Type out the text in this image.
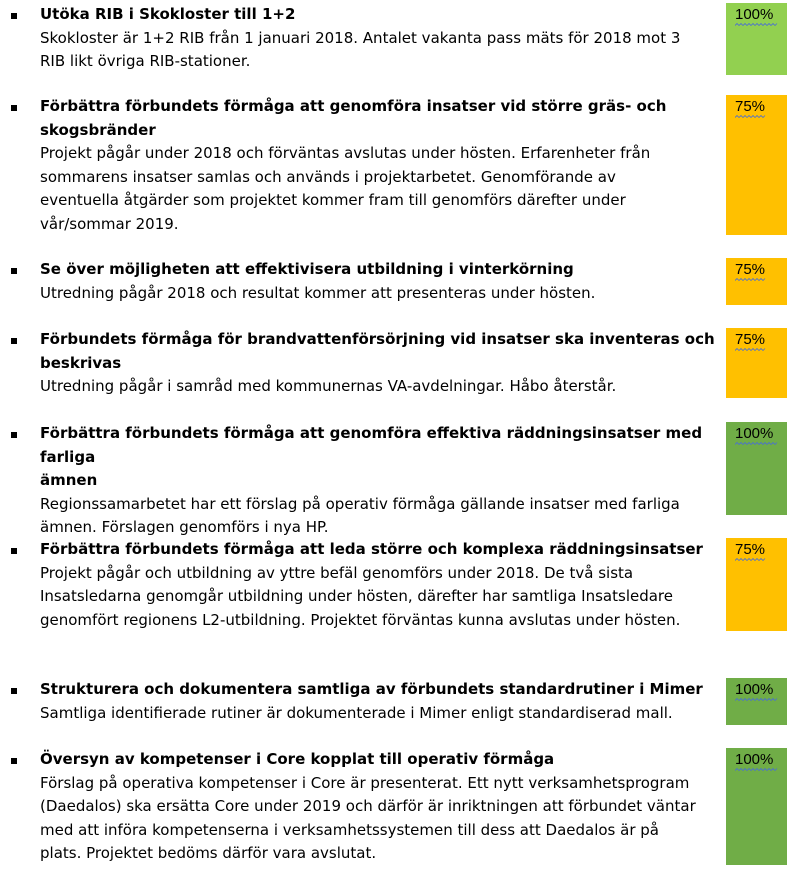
Utöka RIB i Skokloster till 1+2
Skokloster är 1+2 RIB från 1 januari 2018. Antalet vakanta pass mäts för 2018 mot 3
RIB likt övriga RIB-stationer.
100%
Förbättra förbundets förmåga att genomföra insatser vid större gräs- och
skogsbränder
Projekt pågår under 2018 och förväntas avslutas under hösten. Erfarenheter från
sommarens insatser samlas och används i projektarbetet. Genomförande av
eventuella åtgärder som projektet kommer fram till genomförs därefter under
vår/sommar 2019.
75%
Se över möjligheten att effektivisera utbildning i vinterkörning
Utredning pågår 2018 och resultat kommer att presenteras under hösten.
75%
Förbundets förmåga för brandvattenförsörjning vid insatser ska inventeras och
beskrivas
Utredning pågår i samråd med kommunernas VA-avdelningar. Håbo återstår.
75%
Förbättra förbundets förmåga att genomföra effektiva räddningsinsatser med farliga
ämnen
Regionssamarbetet har ett förslag på operativ förmåga gällande insatser med farliga
ämnen. Förslagen genomförs i nya HP.
100%
Förbättra förbundets förmåga att leda större och komplexa räddningsinsatser
Projekt pågår och utbildning av yttre befäl genomförs under 2018. De två sista
Insatsledarna genomgår utbildning under hösten, därefter har samtliga Insatsledare
genomfört regionens L2-utbildning. Projektet förväntas kunna avslutas under hösten.
75%
Strukturera och dokumentera samtliga av förbundets standardrutiner i Mimer
Samtliga identifierade rutiner är dokumenterade i Mimer enligt standardiserad mall.
100%
Översyn av kompetenser i Core kopplat till operativ förmåga
Förslag på operativa kompetenser i Core är presenterat. Ett nytt verksamhetsprogram
(Daedalos) ska ersätta Core under 2019 och därför är inriktningen att förbundet väntar
med att införa kompetenserna i verksamhetssystemen till dess att Daedalos är på
plats. Projektet bedöms därför vara avslutat.
100%
